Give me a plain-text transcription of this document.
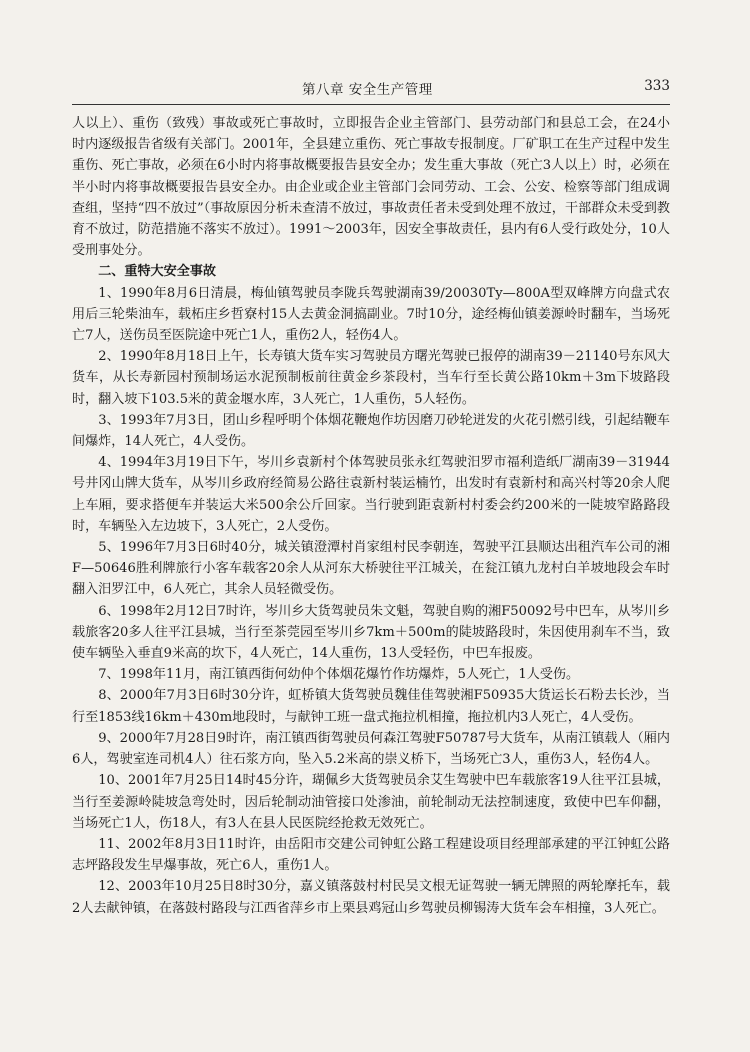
第八章 安全生产管理	333

人以上）、重伤（致残）事故或死亡事故时，立即报告企业主管部门、县劳动部门和县总工会，在24小时内逐级报告省级有关部门。2001年，全县建立重伤、死亡事故专报制度。厂矿职工在生产过程中发生重伤、死亡事故，必须在6小时内将事故概要报告县安全办；发生重大事故（死亡3人以上）时，必须在半小时内将事故概要报告县安全办。由企业或企业主管部门会同劳动、工会、公安、检察等部门组成调查组，坚持“四不放过”（事故原因分析未查清不放过，事故责任者未受到处理不放过，干部群众未受到教育不放过，防范措施不落实不放过）。1991～2003年，因安全事故责任，县内有6人受行政处分，10人受刑事处分。

二、重特大安全事故

1、1990年8月6日清晨，梅仙镇驾驶员李陇兵驾驶湖南39/20030Ty—800A型双峰牌方向盘式农用后三轮柴油车，载柘庄乡哲寮村15人去黄金洞搞副业。7时10分，途经梅仙镇姜源岭时翻车，当场死亡7人，送伤员至医院途中死亡1人，重伤2人，轻伤4人。

2、1990年8月18日上午，长寿镇大货车实习驾驶员方曙光驾驶已报停的湖南39－21140号东风大货车，从长寿新园村预制场运水泥预制板前往黄金乡茶段村，当车行至长黄公路10km＋3m下坡路段时，翻入坡下103.5米的黄金堰水库，3人死亡，1人重伤，5人轻伤。

3、1993年7月3日，团山乡程呼明个体烟花鞭炮作坊因磨刀砂轮迸发的火花引燃引线，引起结鞭车间爆炸，14人死亡，4人受伤。

4、1994年3月19日下午，岑川乡袁新村个体驾驶员张永红驾驶汨罗市福利造纸厂湖南39－31944号井冈山牌大货车，从岑川乡政府经简易公路往袁新村装运楠竹，出发时有袁新村和高兴村等20余人爬上车厢，要求搭便车并装运大米500余公斤回家。当行驶到距袁新村村委会约200米的一陡坡窄路路段时，车辆坠入左边坡下，3人死亡，2人受伤。

5、1996年7月3日6时40分，城关镇澄潭村肖家组村民李朝连，驾驶平江县顺达出租汽车公司的湘F—50646胜利牌旅行小客车载客20余人从河东大桥驶往平江城关，在瓮江镇九龙村白羊坡地段会车时翻入汨罗江中，6人死亡，其余人员轻微受伤。

6、1998年2月12日7时许，岑川乡大货驾驶员朱文魁，驾驶自购的湘F50092号中巴车，从岑川乡载旅客20多人往平江县城，当行至茶莞园至岑川乡7km＋500m的陡坡路段时，朱因使用刹车不当，致使车辆坠入垂直9米高的坎下，4人死亡，14人重伤，13人受轻伤，中巴车报废。

7、1998年11月，南江镇西街何幼仲个体烟花爆竹作坊爆炸，5人死亡，1人受伤。

8、2000年7月3日6时30分许，虹桥镇大货驾驶员魏佳佳驾驶湘F50935大货运长石粉去长沙，当行至1853线16km＋430m地段时，与献钟工班一盘式拖拉机相撞，拖拉机内3人死亡，4人受伤。

9、2000年7月28日9时许，南江镇西街驾驶员何森江驾驶F50787号大货车，从南江镇载人（厢内6人，驾驶室连司机4人）往石浆方向，坠入5.2米高的崇义桥下，当场死亡3人，重伤3人，轻伤4人。

10、2001年7月25日14时45分许，瑚佩乡大货驾驶员余艾生驾驶中巴车载旅客19人往平江县城，当行至姜源岭陡坡急弯处时，因后轮制动油管接口处渗油，前轮制动无法控制速度，致使中巴车仰翻，当场死亡1人，伤18人，有3人在县人民医院经抢救无效死亡。

11、2002年8月3日11时许，由岳阳市交建公司钟虹公路工程建设项目经理部承建的平江钟虹公路志坪路段发生早爆事故，死亡6人，重伤1人。

12、2003年10月25日8时30分，嘉义镇落鼓村村民吴文根无证驾驶一辆无牌照的两轮摩托车，载2人去献钟镇，在落鼓村路段与江西省萍乡市上栗县鸡冠山乡驾驶员柳锡涛大货车会车相撞，3人死亡。
